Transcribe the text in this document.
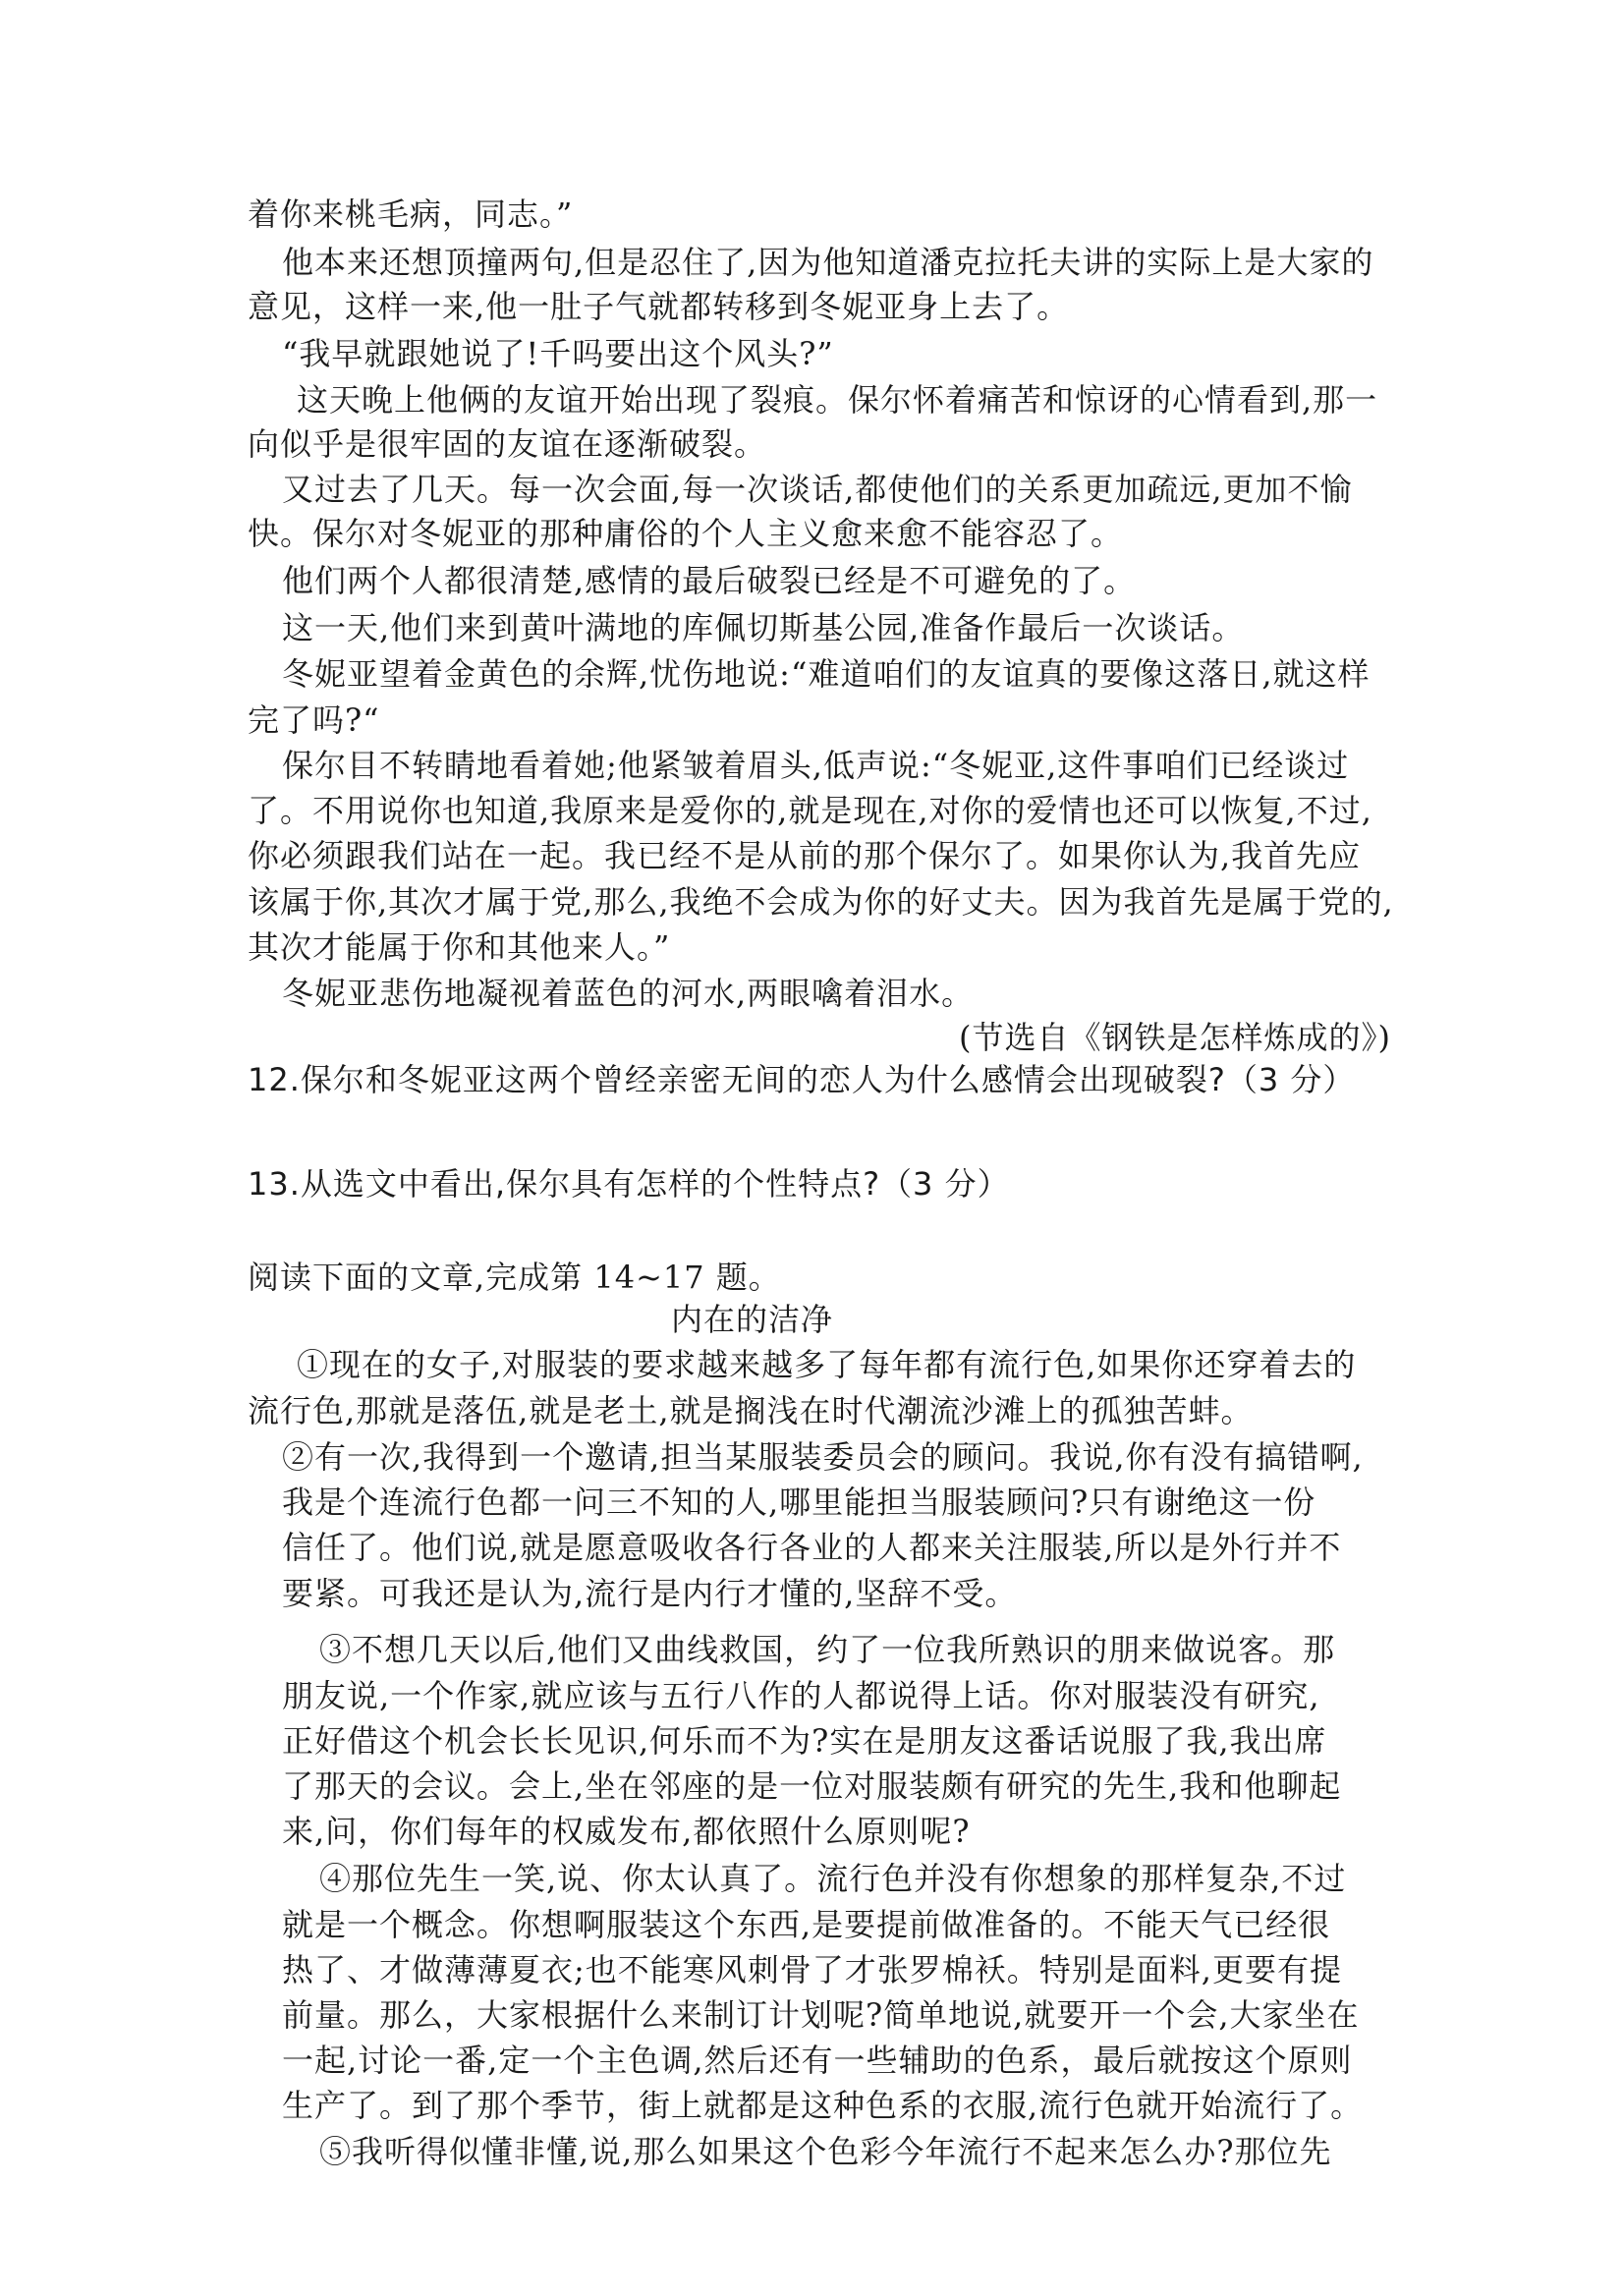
着你来桃毛病，同志。”
他本来还想顶撞两句,但是忍住了,因为他知道潘克拉托夫讲的实际上是大家的
意见，这样一来,他一肚子气就都转移到冬妮亚身上去了。
“我早就跟她说了!千吗要出这个风头?”
这天晚上他俩的友谊开始出现了裂痕。保尔怀着痛苦和惊讶的心情看到,那一
向似乎是很牢固的友谊在逐渐破裂。
又过去了几天。每一次会面,每一次谈话,都使他们的关系更加疏远,更加不愉
快。保尔对冬妮亚的那种庸俗的个人主义愈来愈不能容忍了。
他们两个人都很清楚,感情的最后破裂已经是不可避免的了。
这一天,他们来到黄叶满地的库佩切斯基公园,准备作最后一次谈话。
冬妮亚望着金黄色的余辉,忧伤地说:“难道咱们的友谊真的要像这落日,就这样
完了吗?“
保尔目不转睛地看着她;他紧皱着眉头,低声说:“冬妮亚,这件事咱们已经谈过
了。不用说你也知道,我原来是爱你的,就是现在,对你的爱情也还可以恢复,不过,
你必须跟我们站在一起。我已经不是从前的那个保尔了。如果你认为,我首先应
该属于你,其次才属于党,那么,我绝不会成为你的好丈夫。因为我首先是属于党的,
其次才能属于你和其他来人。”
冬妮亚悲伤地凝视着蓝色的河水,两眼噙着泪水。
(节选自《钢铁是怎样炼成的》)
12.保尔和冬妮亚这两个曾经亲密无间的恋人为什么感情会出现破裂?（3 分）
13.从选文中看出,保尔具有怎样的个性特点?（3 分）
阅读下面的文章,完成第 14~17 题。
内在的洁净
①现在的女子,对服装的要求越来越多了每年都有流行色,如果你还穿着去的
流行色,那就是落伍,就是老土,就是搁浅在时代潮流沙滩上的孤独苦蚌。
②有一次,我得到一个邀请,担当某服装委员会的顾问。我说,你有没有搞错啊,
我是个连流行色都一问三不知的人,哪里能担当服装顾问?只有谢绝这一份
信任了。他们说,就是愿意吸收各行各业的人都来关注服装,所以是外行并不
要紧。可我还是认为,流行是内行才懂的,坚辞不受。
③不想几天以后,他们又曲线救国，约了一位我所熟识的朋来做说客。那
朋友说,一个作家,就应该与五行八作的人都说得上话。你对服装没有研究,
正好借这个机会长长见识,何乐而不为?实在是朋友这番话说服了我,我出席
了那天的会议。会上,坐在邻座的是一位对服装颇有研究的先生,我和他聊起
来,问，你们每年的权威发布,都依照什么原则呢?
④那位先生一笑,说、你太认真了。流行色并没有你想象的那样复杂,不过
就是一个概念。你想啊服装这个东西,是要提前做准备的。不能天气已经很
热了、才做薄薄夏衣;也不能寒风刺骨了才张罗棉袄。特别是面料,更要有提
前量。那么，大家根据什么来制订计划呢?简单地说,就要开一个会,大家坐在
一起,讨论一番,定一个主色调,然后还有一些辅助的色系，最后就按这个原则
生产了。到了那个季节，街上就都是这种色系的衣服,流行色就开始流行了。
⑤我听得似懂非懂,说,那么如果这个色彩今年流行不起来怎么办?那位先
